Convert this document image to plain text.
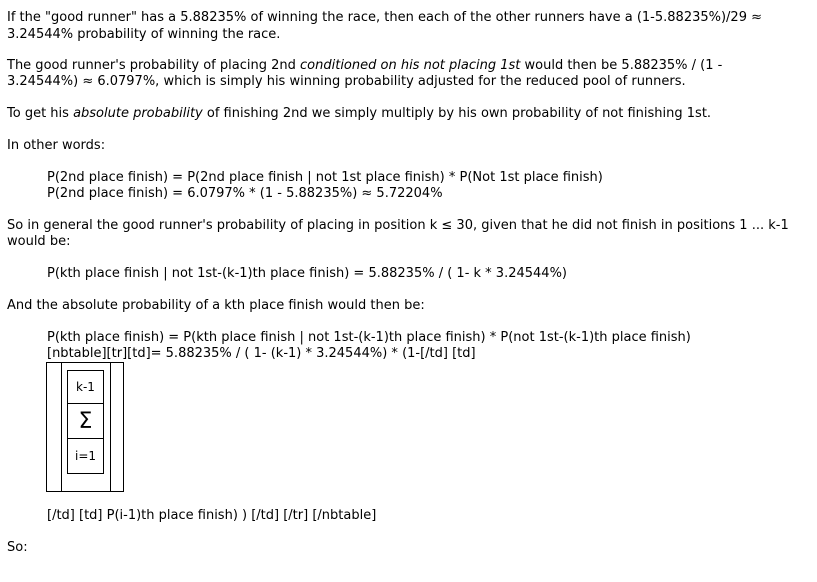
If the "good runner" has a 5.88235% of winning the race, then each of the other runners have a (1-5.88235%)/29 ≈
3.24544% probability of winning the race.
The good runner's probability of placing 2nd conditioned on his not placing 1st would then be 5.88235% / (1 -
3.24544%) ≈ 6.0797%, which is simply his winning probability adjusted for the reduced pool of runners.
To get his absolute probability of finishing 2nd we simply multiply by his own probability of not finishing 1st.
In other words:
P(2nd place finish) = P(2nd place finish | not 1st place finish) * P(Not 1st place finish)
P(2nd place finish) = 6.0797% * (1 - 5.88235%) ≈ 5.72204%
So in general the good runner's probability of placing in position k ≤ 30, given that he did not finish in positions 1 ... k-1
would be:
P(kth place finish | not 1st-(k-1)th place finish) = 5.88235% / ( 1- k * 3.24544%)
And the absolute probability of a kth place finish would then be:
P(kth place finish) = P(kth place finish | not 1st-(k-1)th place finish) * P(not 1st-(k-1)th place finish)
[nbtable][tr][td]= 5.88235% / ( 1- (k-1) * 3.24544%) * (1-[/td] [td]
[/td] [td] P(i-1)th place finish) ) [/td] [/tr] [/nbtable]
So:
k-1
Σ
i=1
